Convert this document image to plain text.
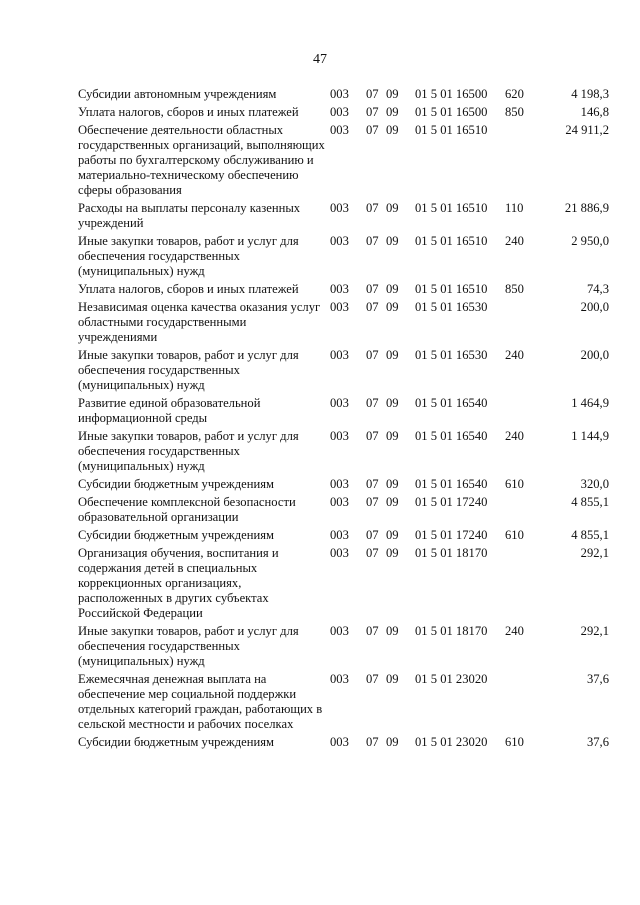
47
Субсидии автономным учреждениям	003	07	09	01 5 01 16500	620	4 198,3
Уплата налогов, сборов и иных платежей	003	07	09	01 5 01 16500	850	146,8
Обеспечение деятельности областных государственных организаций, выполняющих работы по бухгалтерскому обслуживанию и материально-техническому обеспечению сферы образования	003	07	09	01 5 01 16510		24 911,2
Расходы на выплаты персоналу казенных учреждений	003	07	09	01 5 01 16510	110	21 886,9
Иные закупки товаров, работ и услуг для обеспечения государственных (муниципальных) нужд	003	07	09	01 5 01 16510	240	2 950,0
Уплата налогов, сборов и иных платежей	003	07	09	01 5 01 16510	850	74,3
Независимая оценка качества оказания услуг областными государственными учреждениями	003	07	09	01 5 01 16530		200,0
Иные закупки товаров, работ и услуг для обеспечения государственных (муниципальных) нужд	003	07	09	01 5 01 16530	240	200,0
Развитие единой образовательной информационной среды	003	07	09	01 5 01 16540		1 464,9
Иные закупки товаров, работ и услуг для обеспечения государственных (муниципальных) нужд	003	07	09	01 5 01 16540	240	1 144,9
Субсидии бюджетным учреждениям	003	07	09	01 5 01 16540	610	320,0
Обеспечение комплексной безопасности образовательной организации	003	07	09	01 5 01 17240		4 855,1
Субсидии бюджетным учреждениям	003	07	09	01 5 01 17240	610	4 855,1
Организация обучения, воспитания и содержания детей в специальных коррекционных организациях, расположенных в других субъектах Российской Федерации	003	07	09	01 5 01 18170		292,1
Иные закупки товаров, работ и услуг для обеспечения государственных (муниципальных) нужд	003	07	09	01 5 01 18170	240	292,1
Ежемесячная денежная выплата на обеспечение мер социальной поддержки отдельных категорий граждан, работающих в сельской местности и рабочих поселках	003	07	09	01 5 01 23020		37,6
Субсидии бюджетным учреждениям	003	07	09	01 5 01 23020	610	37,6
